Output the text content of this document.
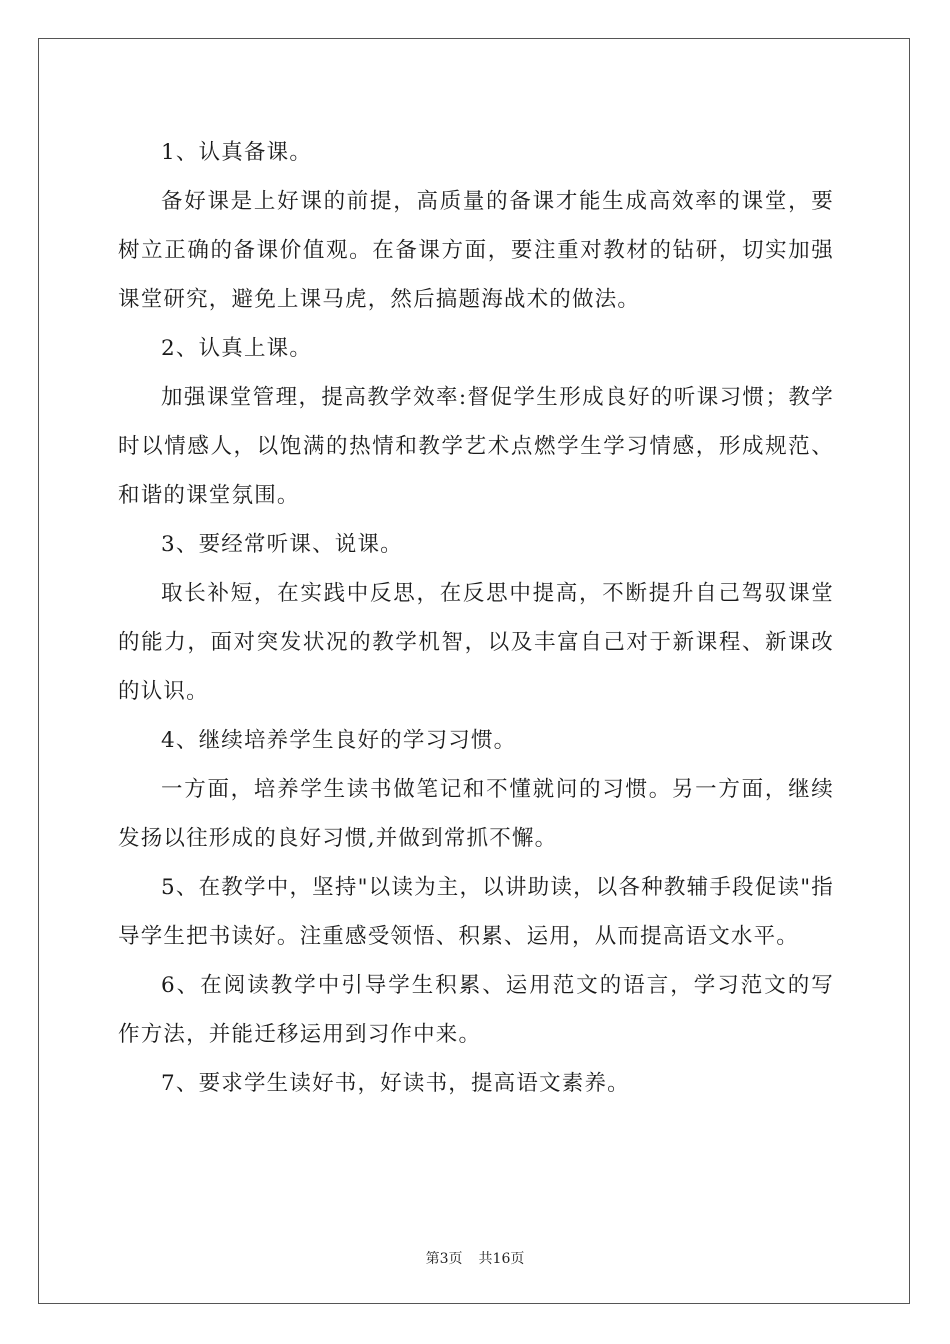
1、认真备课。

备好课是上好课的前提，高质量的备课才能生成高效率的课堂，要树立正确的备课价值观。在备课方面，要注重对教材的钻研，切实加强课堂研究，避免上课马虎，然后搞题海战术的做法。

2、认真上课。

加强课堂管理，提高教学效率:督促学生形成良好的听课习惯；教学时以情感人，以饱满的热情和教学艺术点燃学生学习情感，形成规范、和谐的课堂氛围。

3、要经常听课、说课。

取长补短，在实践中反思，在反思中提高，不断提升自己驾驭课堂的能力，面对突发状况的教学机智，以及丰富自己对于新课程、新课改的认识。

4、继续培养学生良好的学习习惯。

一方面，培养学生读书做笔记和不懂就问的习惯。另一方面，继续发扬以往形成的良好习惯,并做到常抓不懈。

5、在教学中，坚持"以读为主，以讲助读，以各种教辅手段促读"指导学生把书读好。注重感受领悟、积累、运用，从而提高语文水平。

6、在阅读教学中引导学生积累、运用范文的语言，学习范文的写作方法，并能迁移运用到习作中来。

7、要求学生读好书，好读书，提高语文素养。

第3页 共16页
